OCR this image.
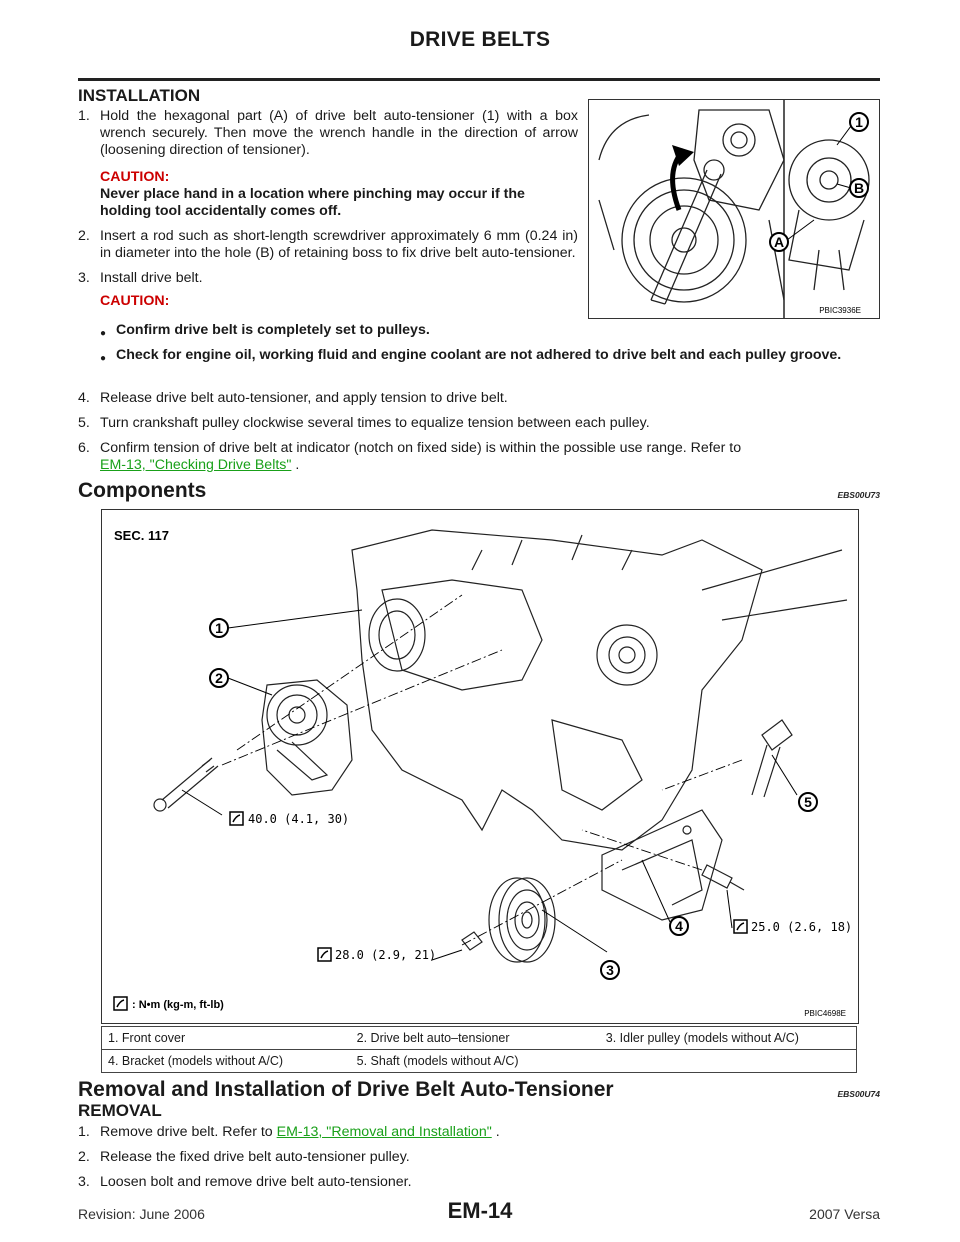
DRIVE BELTS
INSTALLATION
1. Hold the hexagonal part (A) of drive belt auto-tensioner (1) with a box wrench securely. Then move the wrench handle in the direction of arrow (loosening direction of tensioner).
CAUTION:
Never place hand in a location where pinching may occur if the holding tool accidentally comes off.
2. Insert a rod such as short-length screwdriver approximately 6 mm (0.24 in) in diameter into the hole (B) of retaining boss to fix drive belt auto-tensioner.
3. Install drive belt.
CAUTION:
● Confirm drive belt is completely set to pulleys.
● Check for engine oil, working fluid and engine coolant are not adhered to drive belt and each pulley groove.
4. Release drive belt auto-tensioner, and apply tension to drive belt.
5. Turn crankshaft pulley clockwise several times to equalize tension between each pulley.
6. Confirm tension of drive belt at indicator (notch on fixed side) is within the possible use range. Refer to
EM-13, "Checking Drive Belts" .
1
B
A
PBIC3936E
Components	EBS00U73
SEC. 117
1
2
3
4
5
40.0 (4.1, 30)
28.0 (2.9, 21)
25.0 (2.6, 18)
: N•m (kg-m, ft-lb)
PBIC4698E
1. Front cover	2. Drive belt auto–tensioner	3. Idler pulley (models without A/C)
4. Bracket (models without A/C)	5. Shaft (models without A/C)	
Removal and Installation of Drive Belt Auto-Tensioner	EBS00U74
REMOVAL
1. Remove drive belt. Refer to EM-13, "Removal and Installation" .
2. Release the fixed drive belt auto-tensioner pulley.
3. Loosen bolt and remove drive belt auto-tensioner.
Revision: June 2006	EM-14	2007 Versa
